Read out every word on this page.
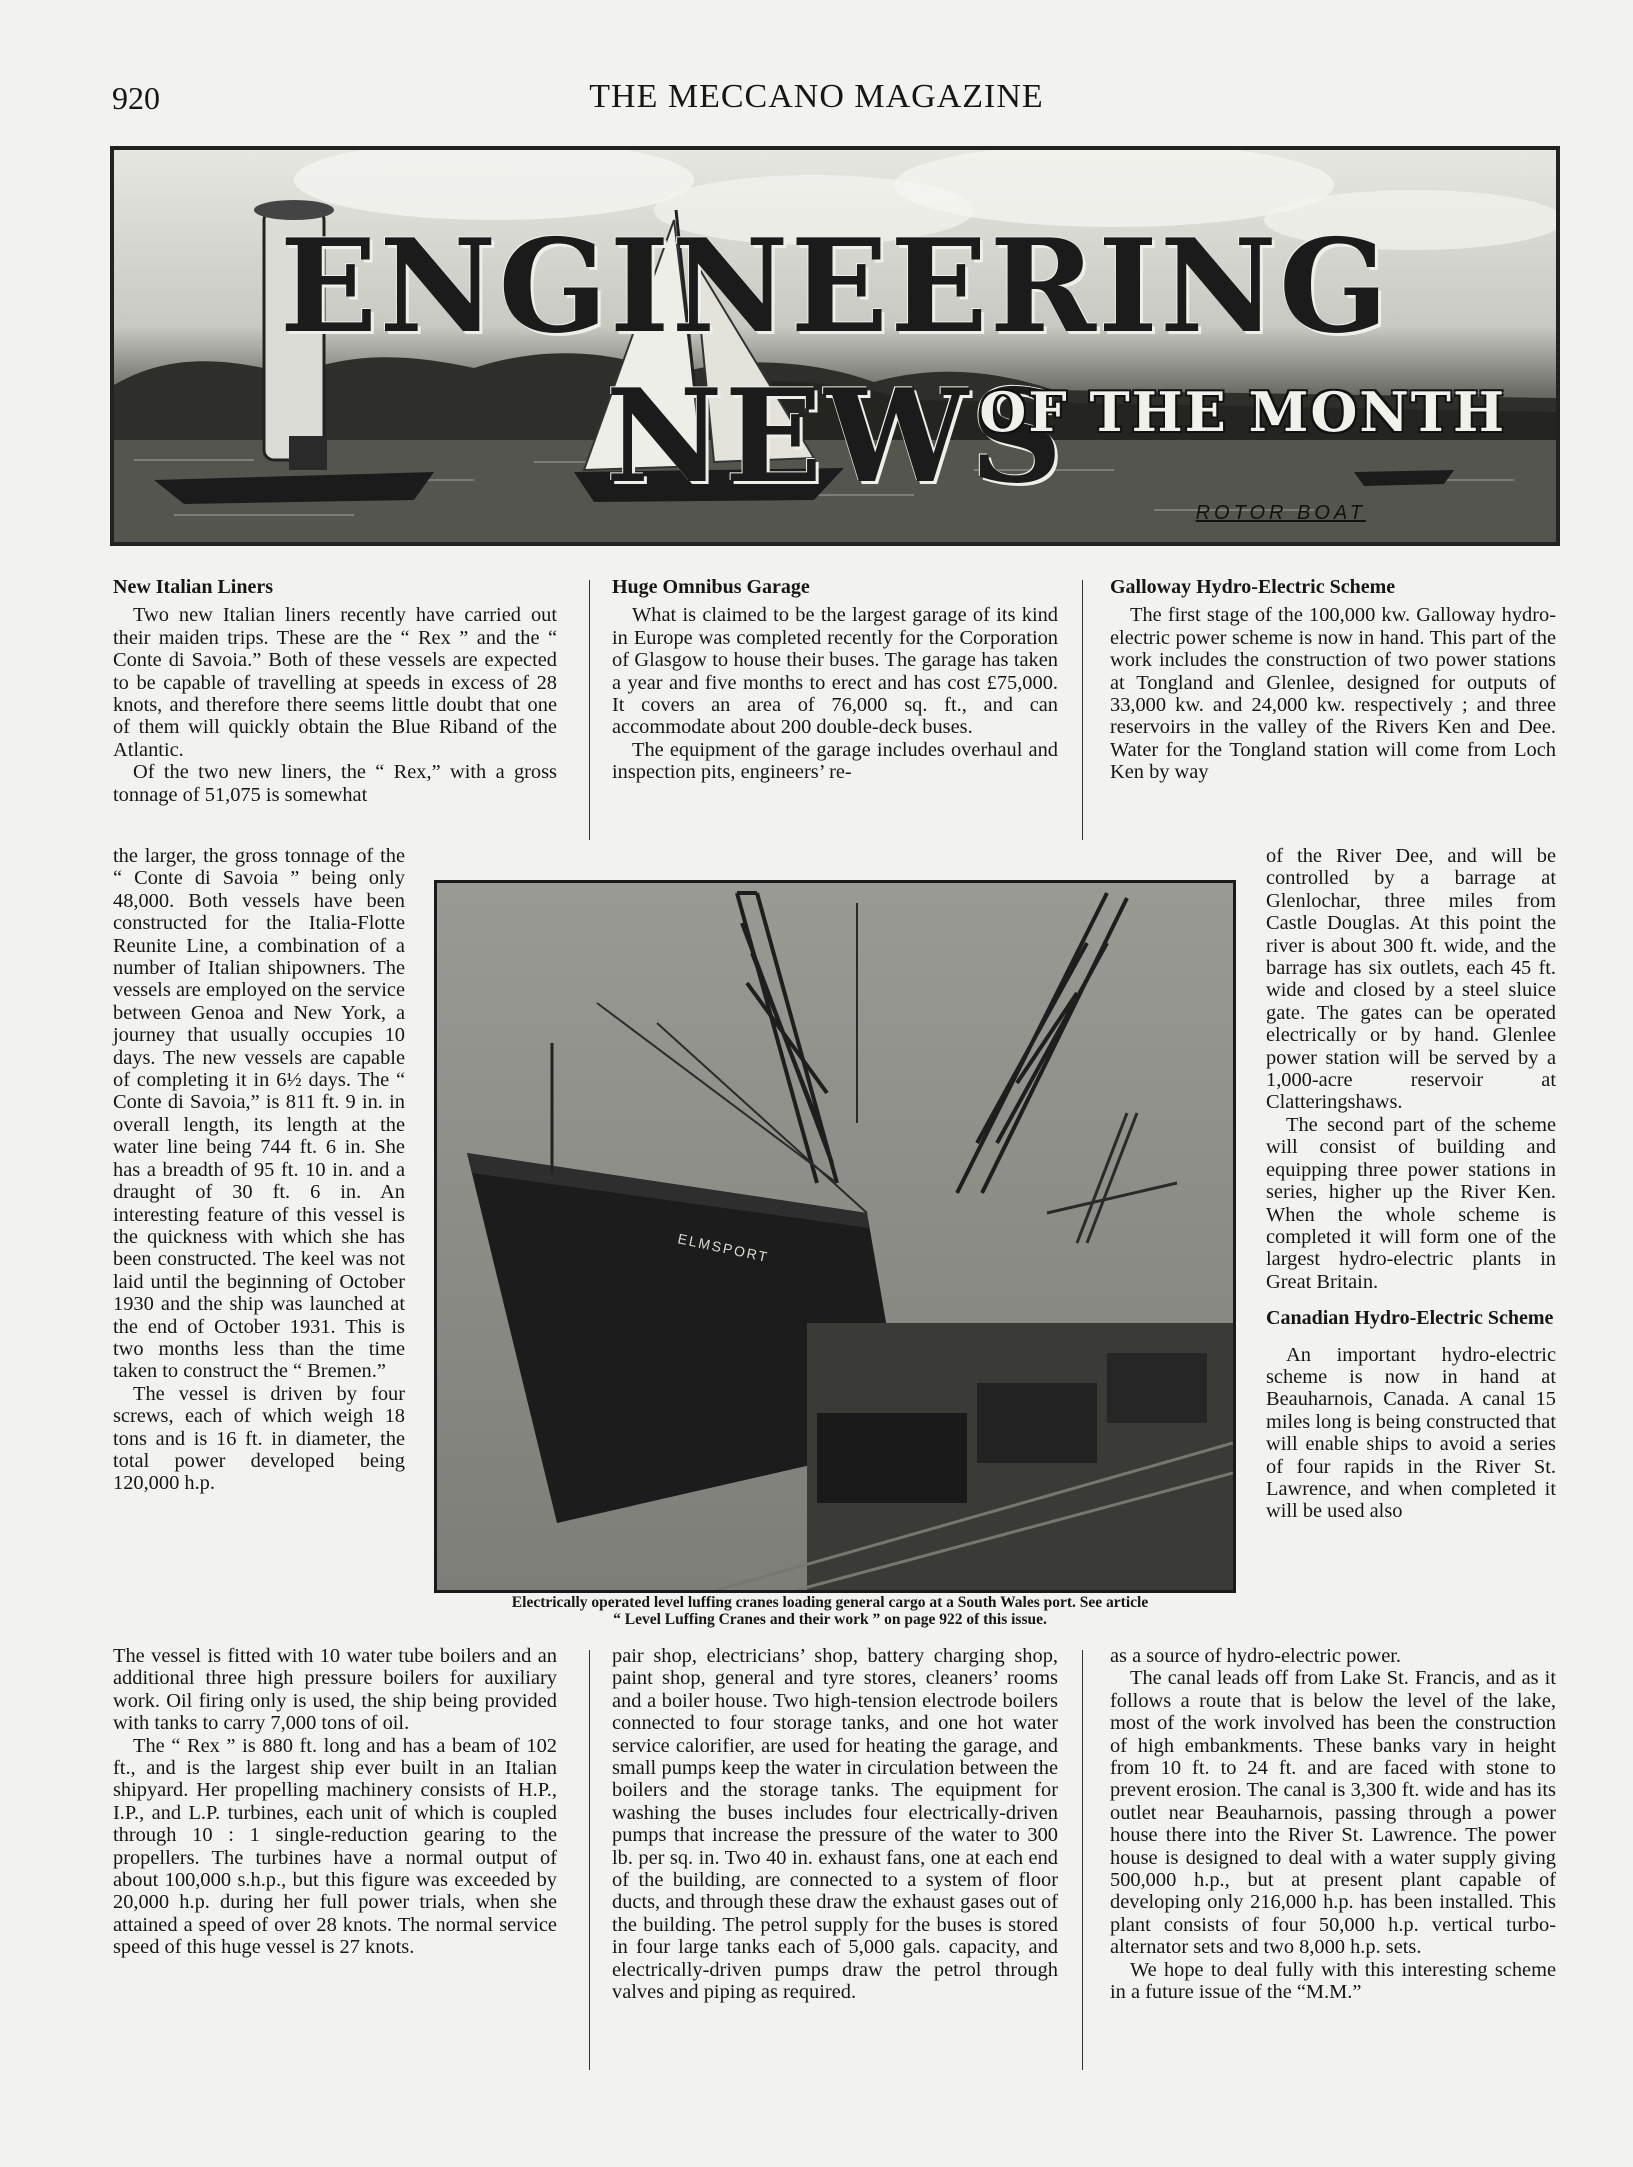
920	THE MECCANO MAGAZINE
ENGINEERING NEWS
OF THE MONTH
ROTOR BOAT
New Italian Liners

Two new Italian liners recently have carried out their maiden trips. These are the “ Rex ” and the “ Conte di Savoia.” Both of these vessels are expected to be capable of travelling at speeds in excess of 28 knots, and therefore there seems little doubt that one of them will quickly obtain the Blue Riband of the Atlantic.

Of the two new liners, the “ Rex,” with a gross tonnage of 51,075 is somewhat

the larger, the gross tonnage of the “ Conte di Savoia ” being only 48,000. Both vessels have been constructed for the Italia-Flotte Reunite Line, a combination of a number of Italian shipowners. The vessels are employed on the service between Genoa and New York, a journey that usually occupies 10 days. The new vessels are capable of completing it in 6½ days. The “ Conte di Savoia,” is 811 ft. 9 in. in overall length, its length at the water line being 744 ft. 6 in. She has a breadth of 95 ft. 10 in. and a draught of 30 ft. 6 in. An interesting feature of this vessel is the quickness with which she has been constructed. The keel was not laid until the beginning of October 1930 and the ship was launched at the end of October 1931. This is two months less than the time taken to construct the “ Bremen.”

The vessel is driven by four screws, each of which weigh 18 tons and is 16 ft. in diameter, the total power developed being 120,000 h.p.

The vessel is fitted with 10 water tube boilers and an additional three high pressure boilers for auxiliary work. Oil firing only is used, the ship being provided with tanks to carry 7,000 tons of oil.

The “ Rex ” is 880 ft. long and has a beam of 102 ft., and is the largest ship ever built in an Italian shipyard. Her propelling machinery consists of H.P., I.P., and L.P. turbines, each unit of which is coupled through 10 : 1 single-reduction gearing to the propellers. The turbines have a normal output of about 100,000 s.h.p., but this figure was exceeded by 20,000 h.p. during her full power trials, when she attained a speed of over 28 knots. The normal service speed of this huge vessel is 27 knots.

Huge Omnibus Garage

What is claimed to be the largest garage of its kind in Europe was completed recently for the Corporation of Glasgow to house their buses. The garage has taken a year and five months to erect and has cost £75,000. It covers an area of 76,000 sq. ft., and can accommodate about 200 double-deck buses.

The equipment of the garage includes overhaul and inspection pits, engineers’ re-

pair shop, electricians’ shop, battery charging shop, paint shop, general and tyre stores, cleaners’ rooms and a boiler house. Two high-tension electrode boilers connected to four storage tanks, and one hot water service calorifier, are used for heating the garage, and small pumps keep the water in circulation between the boilers and the storage tanks. The equipment for washing the buses includes four electrically-driven pumps that increase the pressure of the water to 300 lb. per sq. in. Two 40 in. exhaust fans, one at each end of the building, are connected to a system of floor ducts, and through these draw the exhaust gases out of the building. The petrol supply for the buses is stored in four large tanks each of 5,000 gals. capacity, and electrically-driven pumps draw the petrol through valves and piping as required.

Galloway Hydro-Electric Scheme

The first stage of the 100,000 kw. Galloway hydro-electric power scheme is now in hand. This part of the work includes the construction of two power stations at Tongland and Glenlee, designed for outputs of 33,000 kw. and 24,000 kw. respectively ; and three reservoirs in the valley of the Rivers Ken and Dee. Water for the Tongland station will come from Loch Ken by way

of the River Dee, and will be controlled by a barrage at Glenlochar, three miles from Castle Douglas. At this point the river is about 300 ft. wide, and the barrage has six outlets, each 45 ft. wide and closed by a steel sluice gate. The gates can be operated electrically or by hand. Glenlee power station will be served by a 1,000-acre reservoir at Clatteringshaws.

The second part of the scheme will consist of building and equipping three power stations in series, higher up the River Ken. When the whole scheme is completed it will form one of the largest hydro-electric plants in Great Britain.

Canadian Hydro-Electric Scheme

An important hydro-electric scheme is now in hand at Beauharnois, Canada. A canal 15 miles long is being constructed that will enable ships to avoid a series of four rapids in the River St. Lawrence, and when completed it will be used also

as a source of hydro-electric power.

The canal leads off from Lake St. Francis, and as it follows a route that is below the level of the lake, most of the work involved has been the construction of high embankments. These banks vary in height from 10 ft. to 24 ft. and are faced with stone to prevent erosion. The canal is 3,300 ft. wide and has its outlet near Beauharnois, passing through a power house there into the River St. Lawrence. The power house is designed to deal with a water supply giving 500,000 h.p., but at present plant capable of developing only 216,000 h.p. has been installed. This plant consists of four 50,000 h.p. vertical turbo-alternator sets and two 8,000 h.p. sets.

We hope to deal fully with this interesting scheme in a future issue of the “M.M.”

ELMSPORT
Electrically operated level luffing cranes loading general cargo at a South Wales port. See article
“ Level Luffing Cranes and their work ” on page 922 of this issue.
